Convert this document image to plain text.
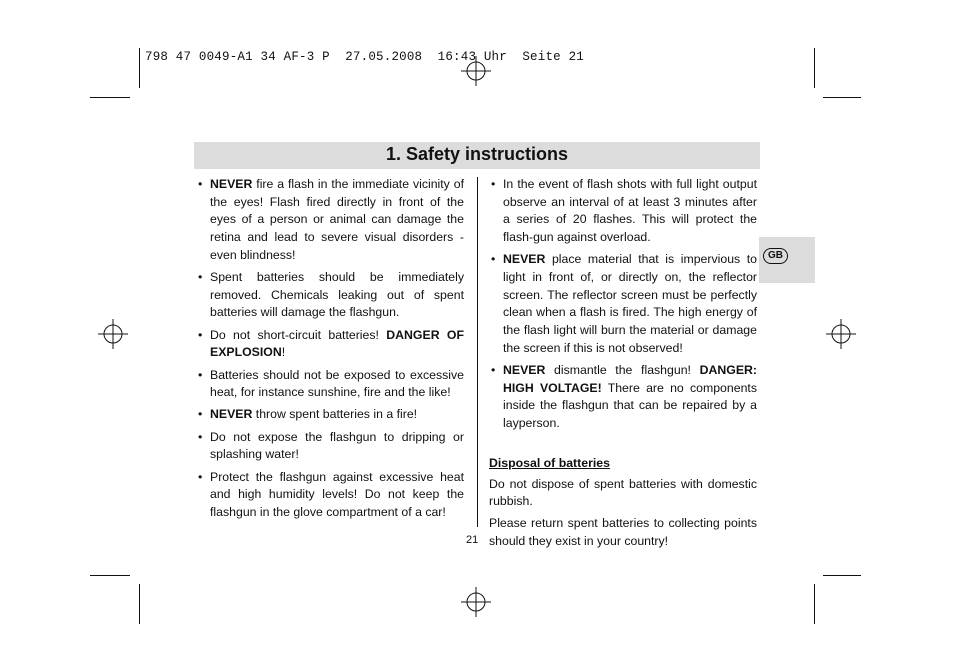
798 47 0049-A1 34 AF-3 P  27.05.2008  16:43 Uhr  Seite 21
1. Safety instructions
GB
• NEVER fire a flash in the immediate vicinity of the eyes! Flash fired directly in front of the eyes of a person or animal can damage the retina and lead to severe visual disorders - even blindness!
• Spent batteries should be immediately removed. Chemicals leaking out of spent batteries will damage the flashgun.
• Do not short-circuit batteries! DANGER OF EXPLOSION!
• Batteries should not be exposed to excessive heat, for instance sunshine, fire and the like!
• NEVER throw spent batteries in a fire!
• Do not expose the flashgun to dripping or splashing water!
• Protect the flashgun against excessive heat and high humidity levels! Do not keep the flashgun in the glove compartment of a car!
• In the event of flash shots with full light output observe an interval of at least 3 minutes after a series of 20 flashes. This will protect the flash-gun against overload.
• NEVER place material that is impervious to light in front of, or directly on, the reflector screen. The reflector screen must be perfectly clean when a flash is fired. The high energy of the flash light will burn the material or damage the screen if this is not observed!
• NEVER dismantle the flashgun! DANGER: HIGH VOLTAGE! There are no components inside the flashgun that can be repaired by a layperson.
Disposal of batteries
Do not dispose of spent batteries with domestic rubbish.
Please return spent batteries to collecting points should they exist in your country!
21
